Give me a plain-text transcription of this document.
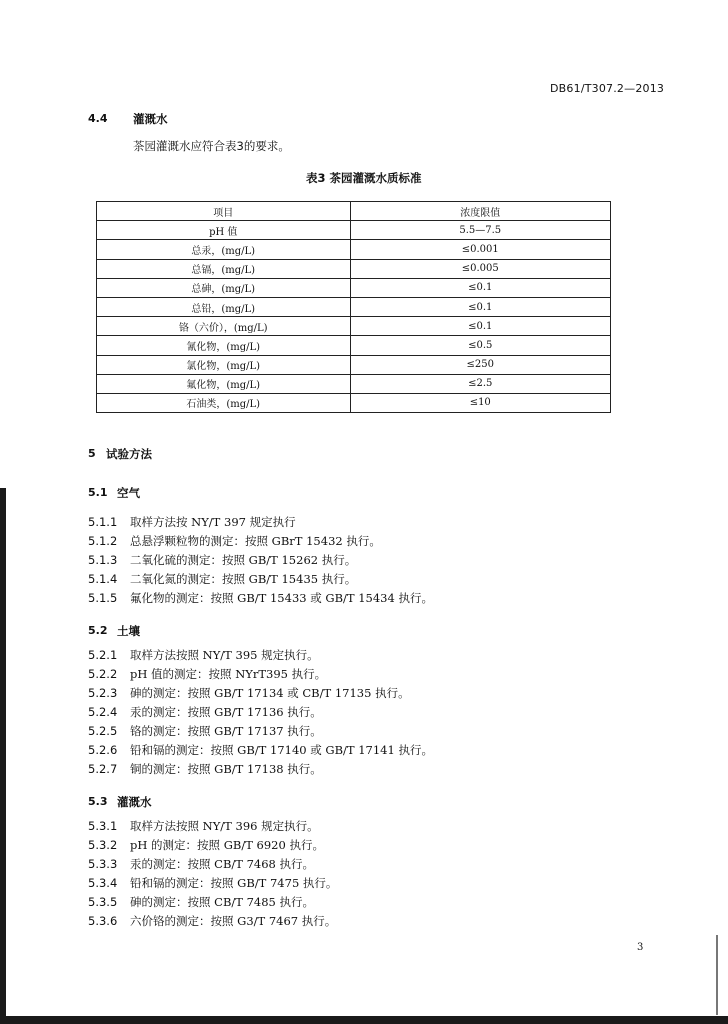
DB61/T307.2—2013
4.4 灌溉水
茶园灌溉水应符合表3的要求。
表3 茶园灌溉水质标准
项目	浓度限值
pH 值	5.5—7.5
总汞，(mg/L)	≤0.001
总镉，(mg/L)	≤0.005
总砷，(mg/L)	≤0.1
总铅，(mg/L)	≤0.1
铬（六价），(mg/L)	≤0.1
氰化物，(mg/L)	≤0.5
氯化物，(mg/L)	≤250
氟化物，(mg/L)	≤2.5
石油类，(mg/L)	≤10
5 试验方法
5.1 空气
5.1.1 取样方法按 NY/T 397 规定执行
5.1.2 总悬浮颗粒物的测定：按照 GBrT 15432 执行。
5.1.3 二氧化硫的测定：按照 GB/T 15262 执行。
5.1.4 二氧化氮的测定：按照 GB/T 15435 执行。
5.1.5 氟化物的测定：按照 GB/T 15433 或 GB/T 15434 执行。
5.2 土壤
5.2.1 取样方法按照 NY/T 395 规定执行。
5.2.2 pH 值的测定：按照 NYrT395 执行。
5.2.3 砷的测定：按照 GB/T 17134 或 CB/T 17135 执行。
5.2.4 汞的测定：按照 GB/T 17136 执行。
5.2.5 铬的测定：按照 GB/T 17137 执行。
5.2.6 铅和镉的测定：按照 GB/T 17140 或 GB/T 17141 执行。
5.2.7 铜的测定：按照 GB/T 17138 执行。
5.3 灌溉水
5.3.1 取样方法按照 NY/T 396 规定执行。
5.3.2 pH 的测定：按照 GB/T 6920 执行。
5.3.3 汞的测定：按照 CB/T 7468 执行。
5.3.4 铅和镉的测定：按照 GB/T 7475 执行。
5.3.5 砷的测定：按照 CB/T 7485 执行。
5.3.6 六价铬的测定：按照 G3/T 7467 执行。
3
